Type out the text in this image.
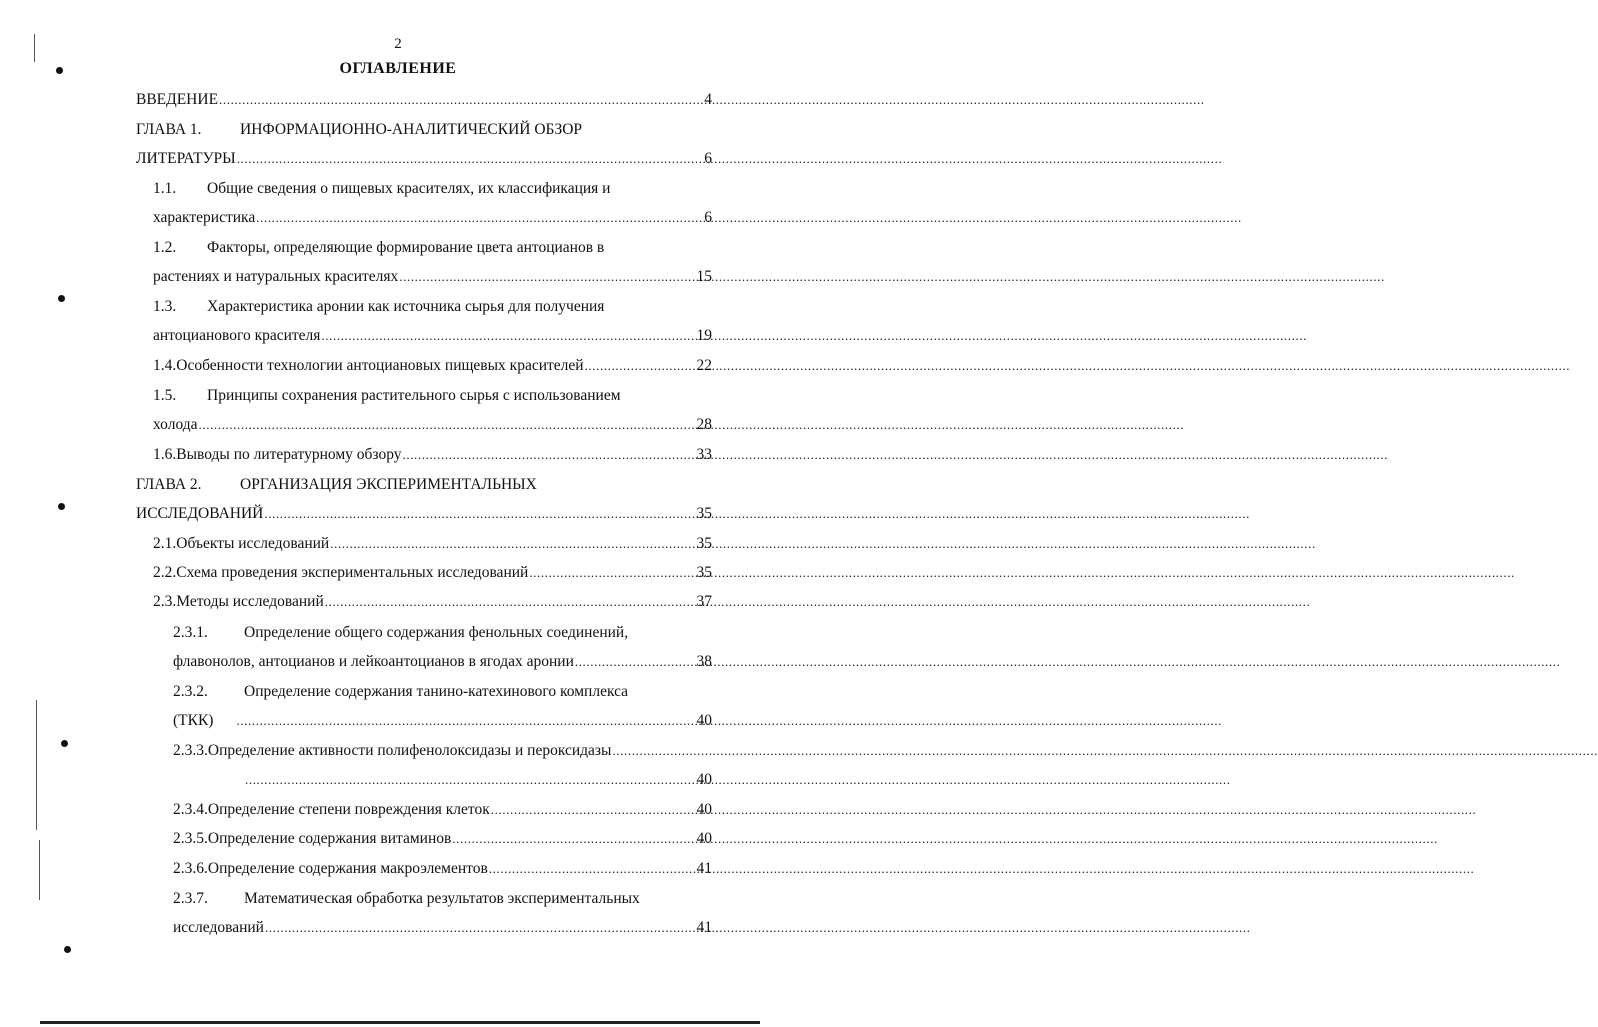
2
ОГЛАВЛЕНИЕ
ВВЕДЕНИЕ .....	4
ГЛАВА 1. ИНФОРМАЦИОННО-АНАЛИТИЧЕСКИЙ ОБЗОР
ЛИТЕРАТУРЫ .....	6
1.1. Общие сведения о пищевых красителях, их классификация и
характеристика .....	6
1.2. Факторы, определяющие формирование цвета антоцианов в
растениях и натуральных красителях .....	15
1.3. Характеристика аронии как источника сырья для получения
антоцианового красителя .....	19
1.4. Особенности технологии антоциановых пищевых красителей .....	22
1.5. Принципы сохранения растительного сырья с использованием
холода .....	28
1.6. Выводы по литературному обзору .....	33
ГЛАВА 2. ОРГАНИЗАЦИЯ ЭКСПЕРИМЕНТАЛЬНЫХ
ИССЛЕДОВАНИЙ .....	35
2.1. Объекты исследований .....	35
2.2. Схема проведения экспериментальных исследований .....	35
2.3. Методы исследований .....	37
2.3.1. Определение общего содержания фенольных соединений,
флавонолов, антоцианов и лейкоантоцианов в ягодах аронии .....	38
2.3.2. Определение содержания танино-катехинового комплекса
(ТКК) .....	40
2.3.3. Определение активности полифенолоксидазы и пероксидазы
.....
.....
40
2.3.4. Определение степени повреждения клеток .....	40
2.3.5. Определение содержания витаминов .....	40
2.3.6. Определение содержания макроэлементов .....	41
2.3.7. Математическая обработка результатов экспериментальных
исследований .....	41
